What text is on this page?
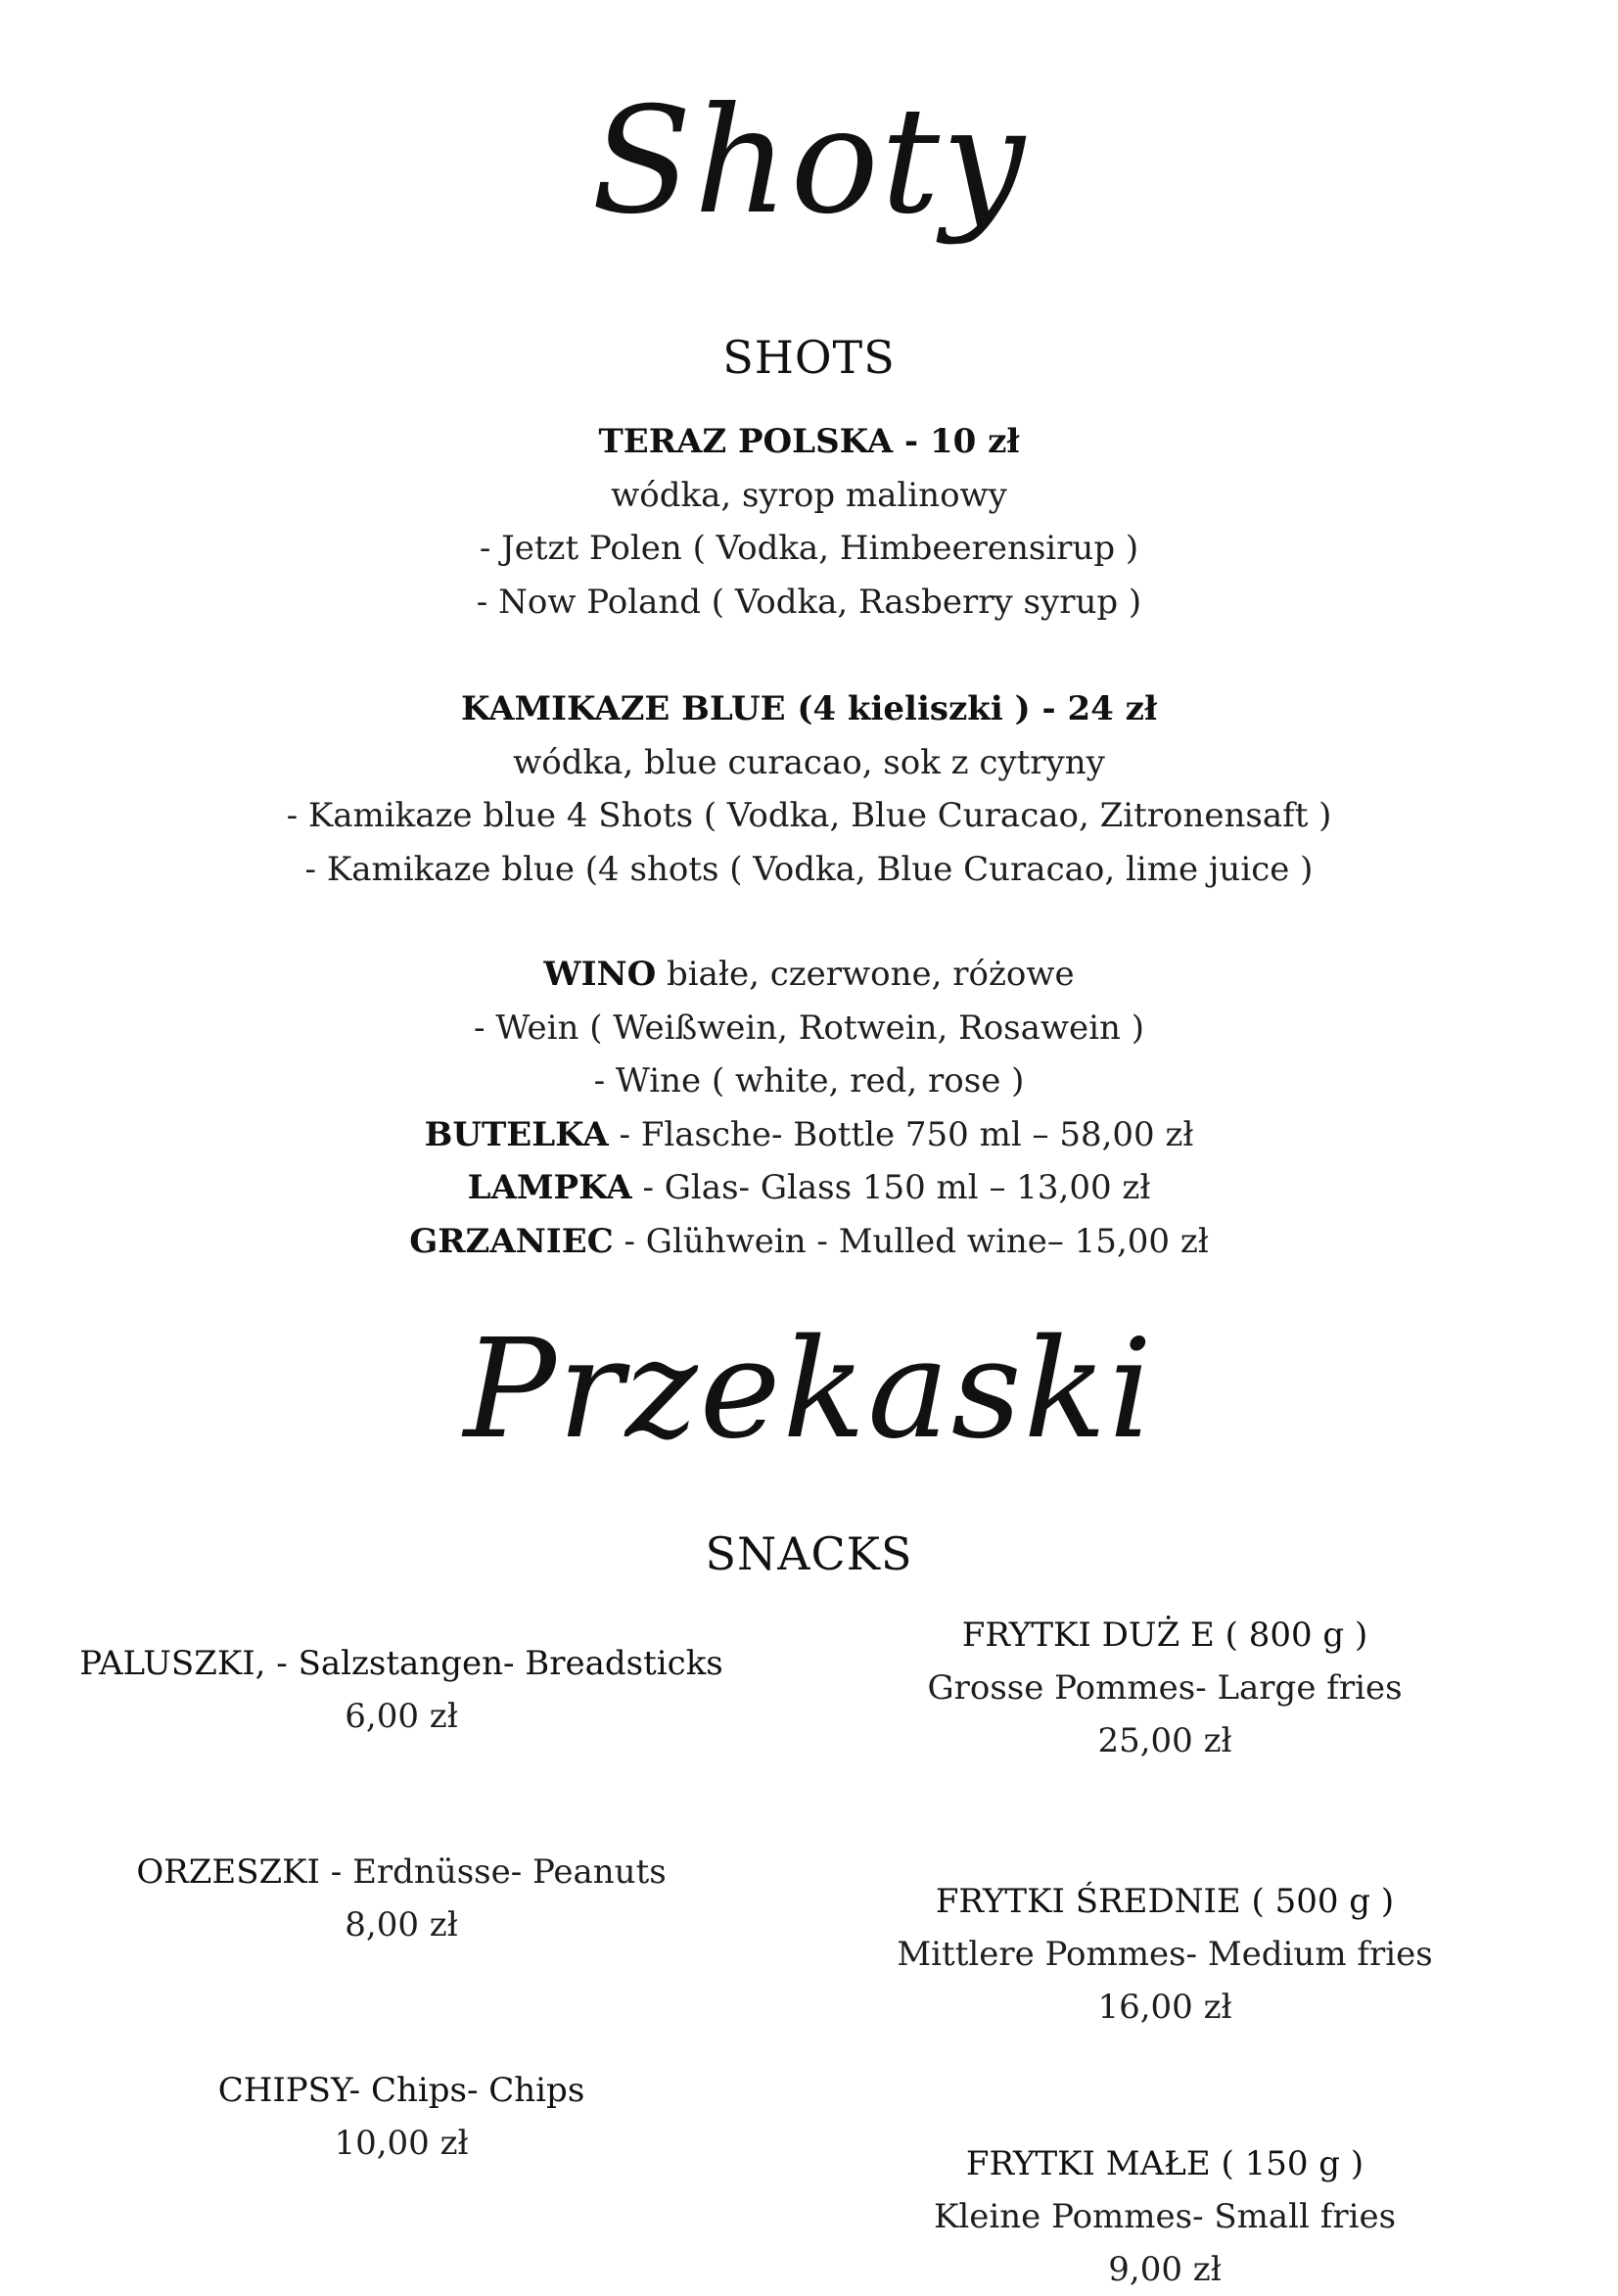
Shoty
SHOTS
TERAZ POLSKA - 10 zł
wódka, syrop malinowy
- Jetzt Polen ( Vodka, Himbeerensirup )
- Now Poland ( Vodka, Rasberry syrup )
KAMIKAZE BLUE (4 kieliszki ) - 24 zł
wódka, blue curacao, sok z cytryny
- Kamikaze blue 4 Shots ( Vodka, Blue Curacao, Zitronensaft )
- Kamikaze blue (4 shots ( Vodka, Blue Curacao, lime juice )
WINO białe, czerwone, różowe
- Wein ( Weißwein, Rotwein, Rosawein )
- Wine ( white, red, rose )
BUTELKA - Flasche- Bottle 750 ml – 58,00 zł
LAMPKA - Glas- Glass 150 ml – 13,00 zł
GRZANIEC - Glühwein - Mulled wine– 15,00 zł
Przekaski
SNACKS
PALUSZKI, - Salzstangen- Breadsticks
6,00 zł
ORZESZKI - Erdnüsse- Peanuts
8,00 zł
CHIPSY- Chips- Chips
10,00 zł
FRYTKI DUŻ E ( 800 g )
Grosse Pommes- Large fries
25,00 zł
FRYTKI ŚREDNIE ( 500 g )
Mittlere Pommes- Medium fries
16,00 zł
FRYTKI MAŁE ( 150 g )
Kleine Pommes- Small fries
9,00 zł
